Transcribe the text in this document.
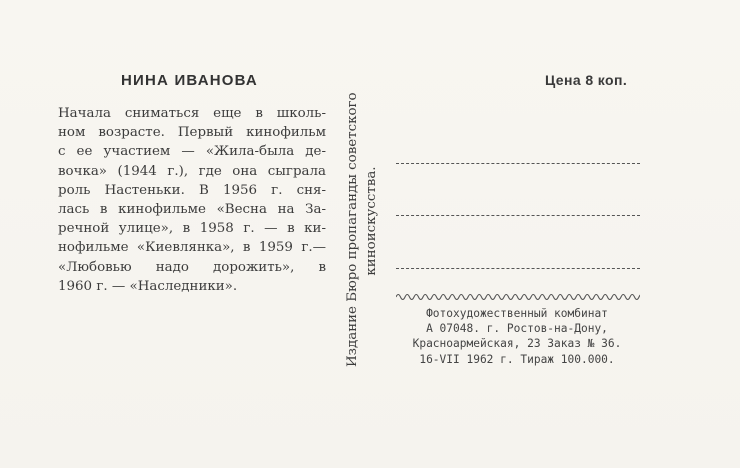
НИНА ИВАНОВА
Начала сниматься еще в школь-
ном возрасте. Первый кинофильм
с ее участием — «Жила-была де-
вочка» (1944 г.), где она сыграла
роль Настеньки. В 1956 г. сня-
лась в кинофильме «Весна на За-
речной улице», в 1958 г. — в ки-
нофильме «Киевлянка», в 1959 г.—
«Любовью надо дорожить», в
1960 г. — «Наследники».	Издание Бюро пропаганды советского киноискусства.
Цена 8 коп.
Фотохудожественный комбинат
А 07048. г. Ростов-на-Дону,
Красноармейская, 23 Заказ № 36.
16-VII 1962 г. Тираж 100.000.
